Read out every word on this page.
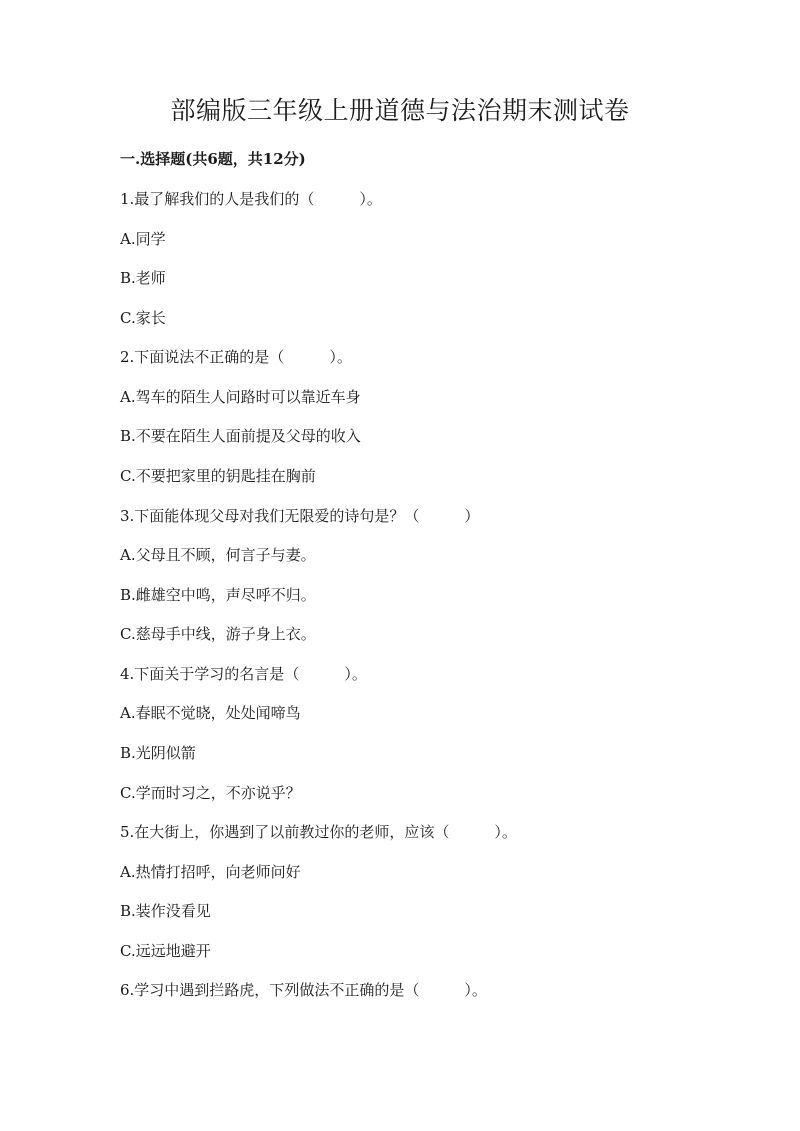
部编版三年级上册道德与法治期末测试卷

一.选择题(共6题，共12分)

1.最了解我们的人是我们的（　　　）。

A.同学

B.老师

C.家长

2.下面说法不正确的是（　　　）。

A.驾车的陌生人问路时可以靠近车身

B.不要在陌生人面前提及父母的收入

C.不要把家里的钥匙挂在胸前

3.下面能体现父母对我们无限爱的诗句是？（　　　）

A.父母且不顾，何言子与妻。

B.雌雄空中鸣，声尽呼不归。

C.慈母手中线，游子身上衣。

4.下面关于学习的名言是（　　　）。

A.春眠不觉晓，处处闻啼鸟

B.光阴似箭

C.学而时习之，不亦说乎？

5.在大街上，你遇到了以前教过你的老师，应该（　　　）。

A.热情打招呼，向老师问好

B.装作没看见

C.远远地避开

6.学习中遇到拦路虎，下列做法不正确的是（　　　）。
